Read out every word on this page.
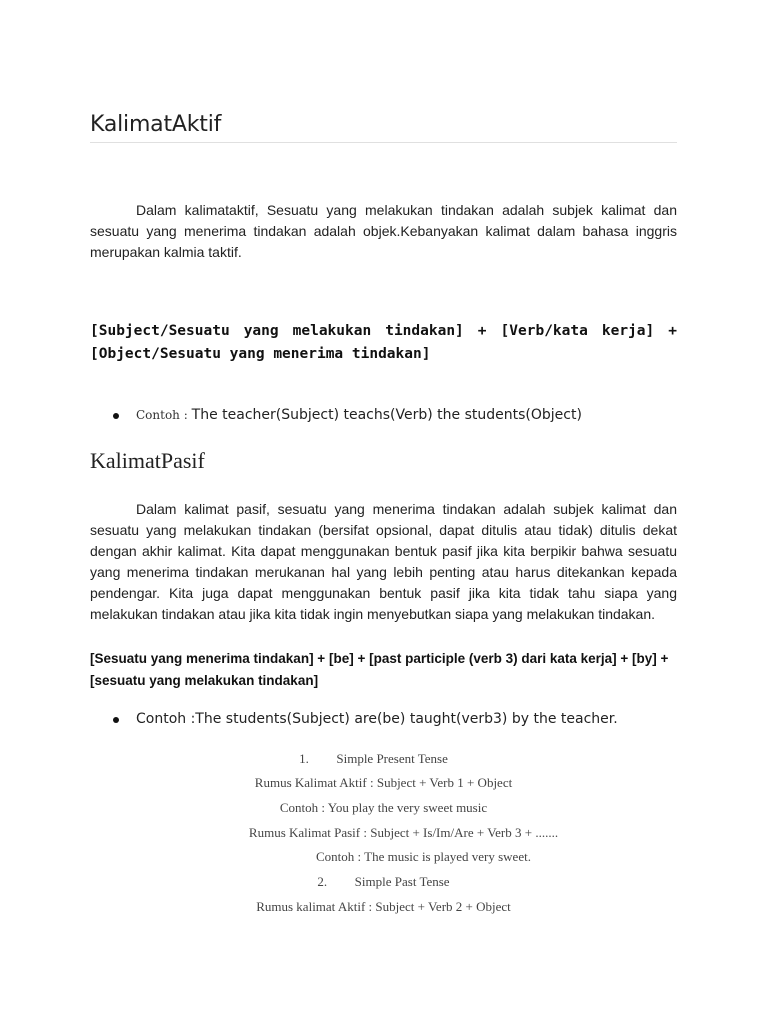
KalimatAktif
Dalam kalimataktif, Sesuatu yang melakukan tindakan adalah subjek kalimat dan sesuatu yang menerima tindakan adalah objek.Kebanyakan kalimat dalam bahasa inggris merupakan kalmia taktif.
[Subject/Sesuatu yang melakukan tindakan] + [Verb/kata kerja] + [Object/Sesuatu yang menerima tindakan]
Contoh : The teacher(Subject) teachs(Verb) the students(Object)
KalimatPasif
Dalam kalimat pasif, sesuatu yang menerima tindakan adalah subjek kalimat dan sesuatu yang melakukan tindakan (bersifat opsional, dapat ditulis atau tidak) ditulis dekat dengan akhir kalimat. Kita dapat menggunakan bentuk pasif jika kita berpikir bahwa sesuatu yang menerima tindakan merukanan hal yang lebih penting atau harus ditekankan kepada pendengar. Kita juga dapat menggunakan bentuk pasif jika kita tidak tahu siapa yang melakukan tindakan atau jika kita tidak ingin menyebutkan siapa yang melakukan tindakan.
[Sesuatu yang menerima tindakan] + [be] + [past participle (verb 3) dari kata kerja] + [by] + [sesuatu yang melakukan tindakan]
Contoh :The students(Subject) are(be) taught(verb3) by the teacher.
1. Simple Present Tense
Rumus Kalimat Aktif : Subject + Verb 1 + Object
Contoh : You play the very sweet music
Rumus Kalimat Pasif : Subject + Is/Im/Are + Verb 3 + .......
Contoh : The music is played very sweet.
2. Simple Past Tense
Rumus kalimat Aktif : Subject + Verb 2 + Object
